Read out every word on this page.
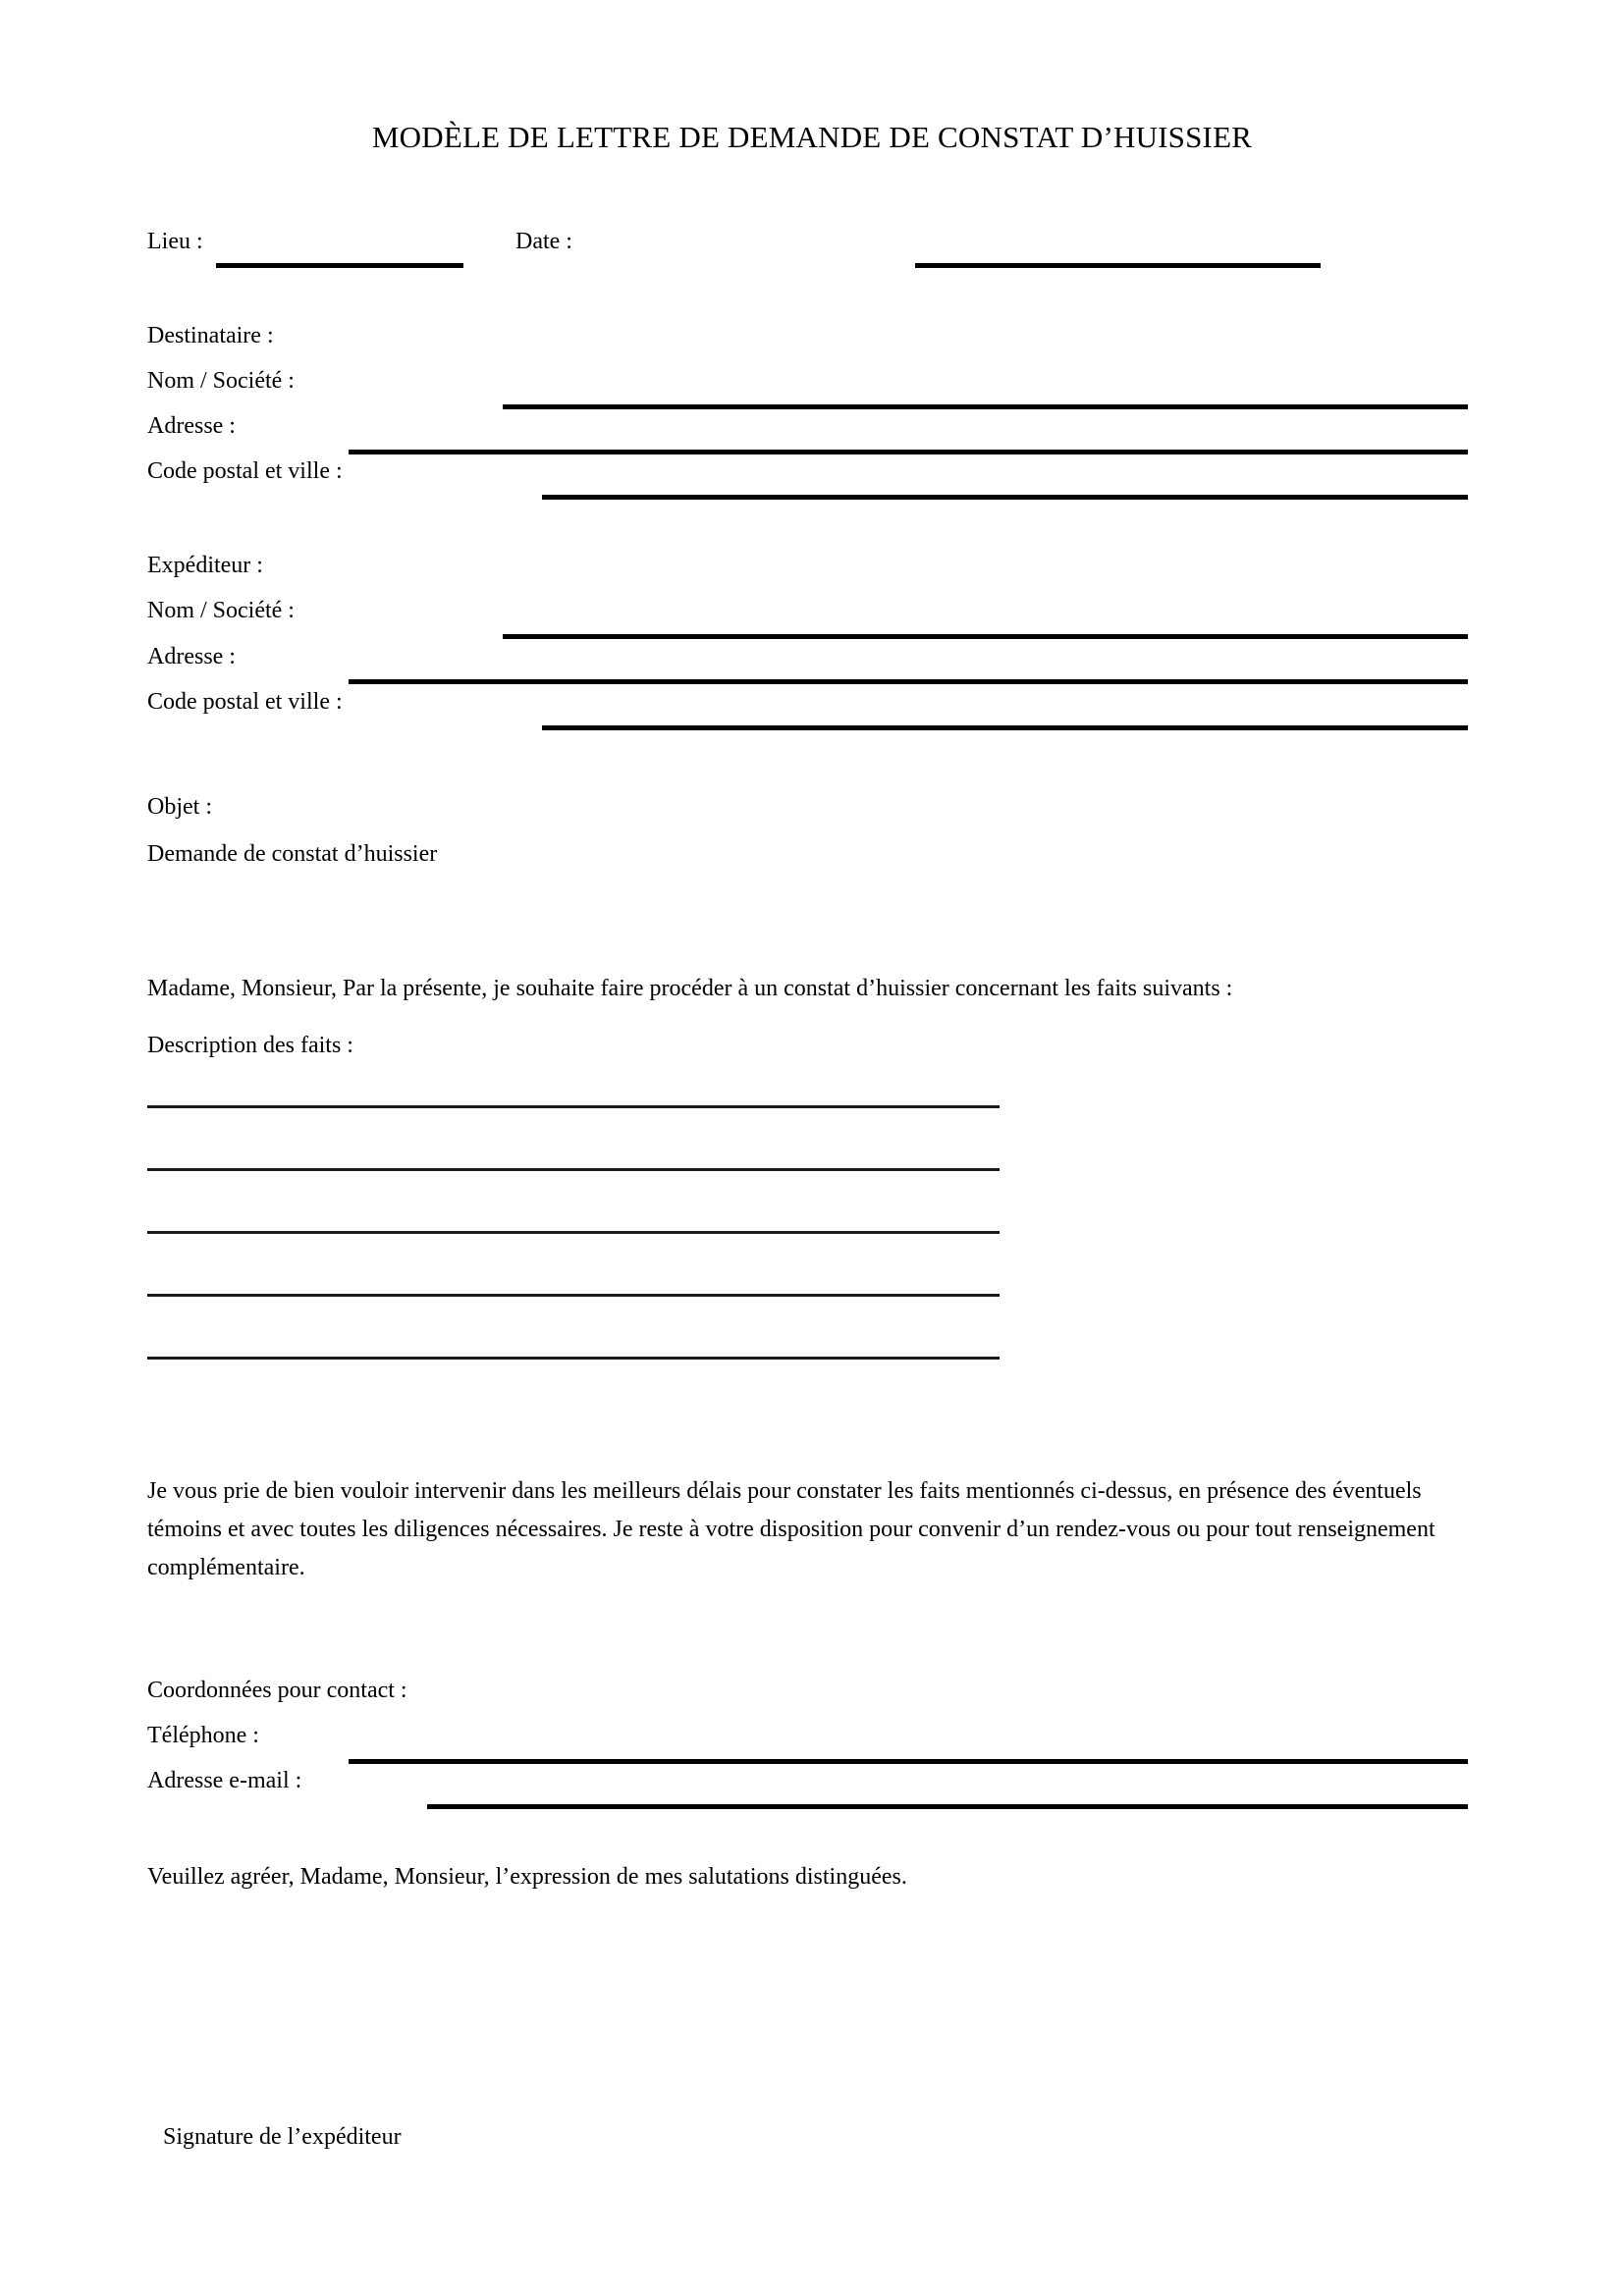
MODÈLE DE LETTRE DE DEMANDE DE CONSTAT D’HUISSIER
Lieu :	Date :
Destinataire :
Nom / Société :
Adresse :
Code postal et ville :
Expéditeur :
Nom / Société :
Adresse :
Code postal et ville :
Objet :
Demande de constat d’huissier
Madame, Monsieur, Par la présente, je souhaite faire procéder à un constat d’huissier concernant les faits suivants :
Description des faits :
Je vous prie de bien vouloir intervenir dans les meilleurs délais pour constater les faits mentionnés ci-dessus, en présence des éventuels témoins et avec toutes les diligences nécessaires. Je reste à votre disposition pour convenir d’un rendez-vous ou pour tout renseignement complémentaire.
Coordonnées pour contact :
Téléphone :
Adresse e-mail :
Veuillez agréer, Madame, Monsieur, l’expression de mes salutations distinguées.
Signature de l’expéditeur
